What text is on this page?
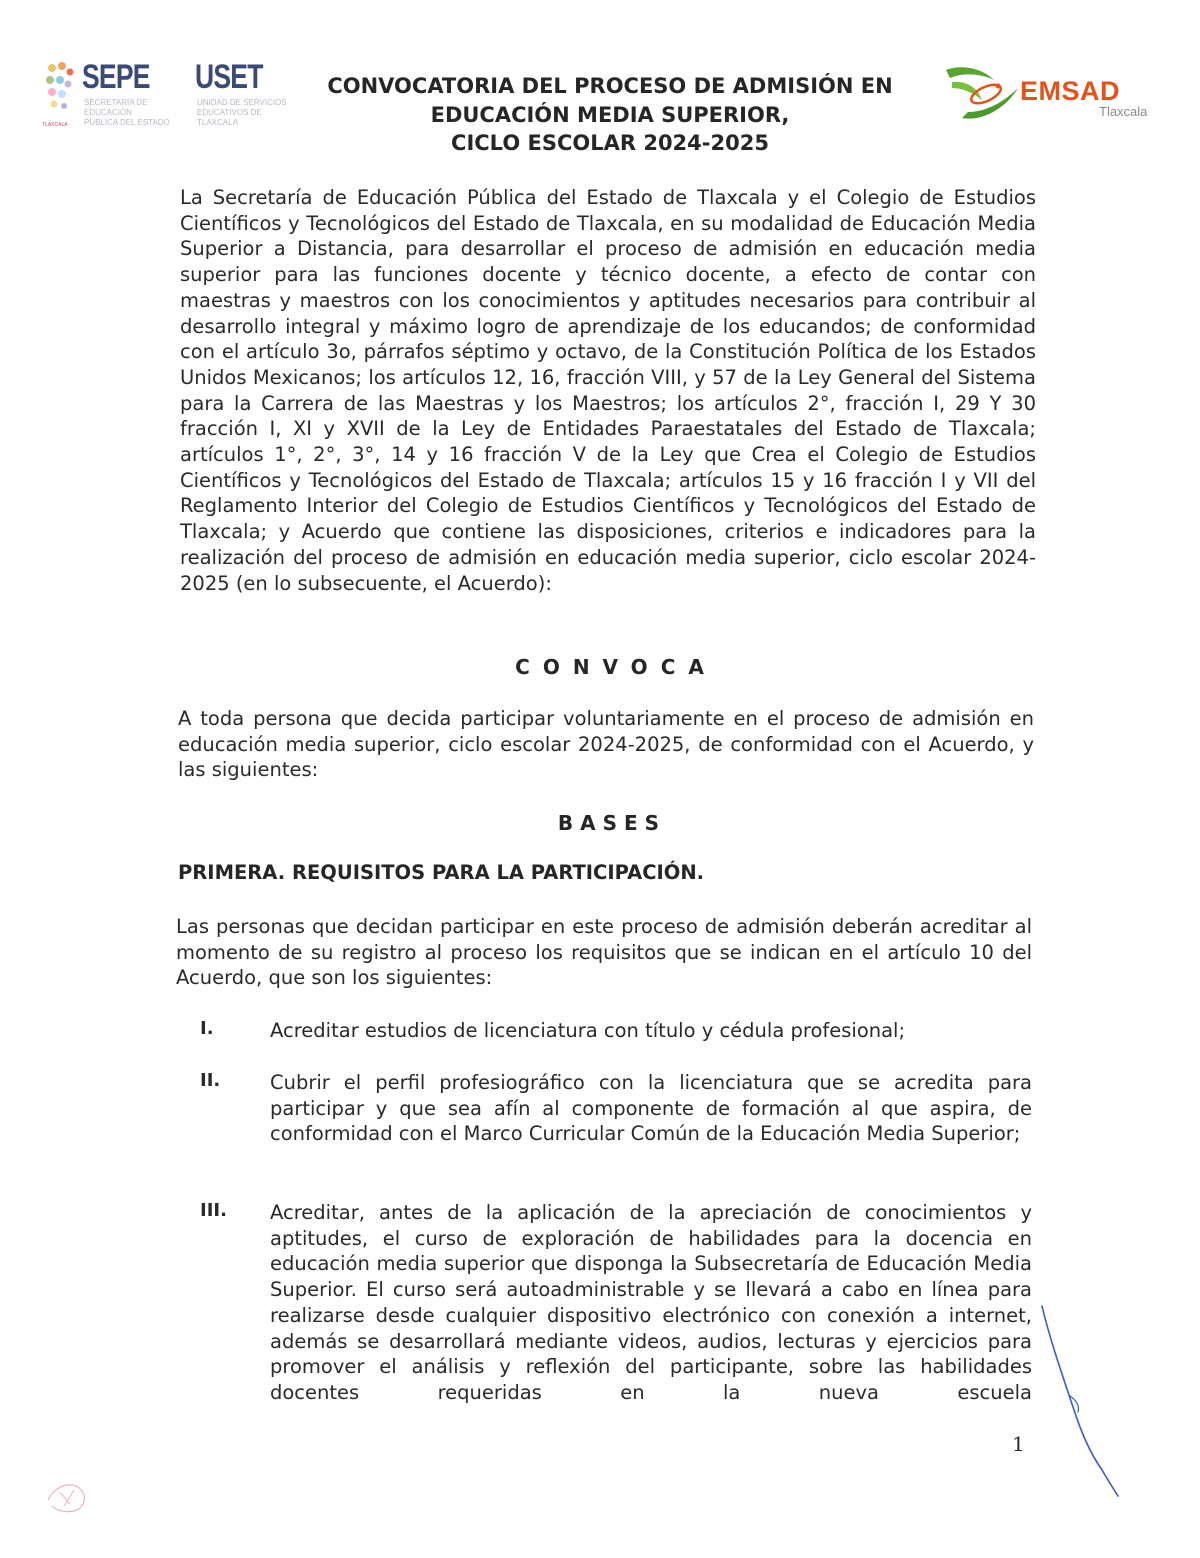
SEPE
SECRETARÍA DE EDUCACIÓN
PÚBLICA DEL ESTADO
TLAXCALA
USET
UNIDAD DE SERVICIOS
EDUCATIVOS DE TLAXCALA
CONVOCATORIA DEL PROCESO DE ADMISIÓN EN
EDUCACIÓN MEDIA SUPERIOR,
CICLO ESCOLAR 2024-2025
EMSAD
Tlaxcala
La Secretaría de Educación Pública del Estado de Tlaxcala y el Colegio de Estudios Científicos y Tecnológicos del Estado de Tlaxcala, en su modalidad de Educación Media Superior a Distancia, para desarrollar el proceso de admisión en educación media superior para las funciones docente y técnico docente, a efecto de contar con maestras y maestros con los conocimientos y aptitudes necesarios para contribuir al desarrollo integral y máximo logro de aprendizaje de los educandos; de conformidad con el artículo 3o, párrafos séptimo y octavo, de la Constitución Política de los Estados Unidos Mexicanos; los artículos 12, 16, fracción VIII, y 57 de la Ley General del Sistema para la Carrera de las Maestras y los Maestros; los artículos 2°, fracción I, 29 Y 30 fracción I, XI y XVII de la Ley de Entidades Paraestatales del Estado de Tlaxcala; artículos 1°, 2°, 3°, 14 y 16 fracción V de la Ley que Crea el Colegio de Estudios Científicos y Tecnológicos del Estado de Tlaxcala; artículos 15 y 16 fracción I y VII del Reglamento Interior del Colegio de Estudios Científicos y Tecnológicos del Estado de Tlaxcala; y Acuerdo que contiene las disposiciones, criterios e indicadores para la realización del proceso de admisión en educación media superior, ciclo escolar 2024-2025 (en lo subsecuente, el Acuerdo):
CONVOCA
A toda persona que decida participar voluntariamente en el proceso de admisión en educación media superior, ciclo escolar 2024-2025, de conformidad con el Acuerdo, y las siguientes:
BASES
PRIMERA. REQUISITOS PARA LA PARTICIPACIÓN.
Las personas que decidan participar en este proceso de admisión deberán acreditar al momento de su registro al proceso los requisitos que se indican en el artículo 10 del Acuerdo, que son los siguientes:
I.	Acreditar estudios de licenciatura con título y cédula profesional;
II.	Cubrir el perfil profesiográfico con la licenciatura que se acredita para participar y que sea afín al componente de formación al que aspira, de conformidad con el Marco Curricular Común de la Educación Media Superior;
III. Acreditar, antes de la aplicación de la apreciación de conocimientos y aptitudes, el curso de exploración de habilidades para la docencia en educación media superior que disponga la Subsecretaría de Educación Media Superior. El curso será autoadministrable y se llevará a cabo en línea para realizarse desde cualquier dispositivo electrónico con conexión a internet, además se desarrollará mediante videos, audios, lecturas y ejercicios para promover el análisis y reflexión del participante, sobre las habilidades docentes requeridas en la nueva escuela
1
